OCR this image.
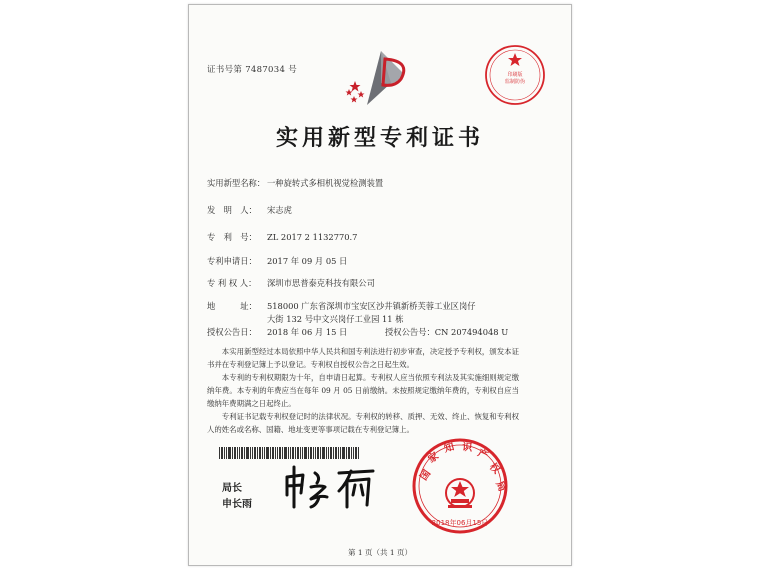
证书号第 7487034 号	印刷版
监制防伪
实用新型专利证书
实用新型名称： 一种旋转式多相机视觉检测装置
发　明　人： 宋志虎
专　利　号： ZL 2017 2 1132770.7
专利申请日： 2017 年 09 月 05 日
专 利 权 人： 深圳市思普泰克科技有限公司
地　　　址： 518000 广东省深圳市宝安区沙井镇新桥芙蓉工业区岗仔
大街 132 号中文兴岗仔工业园 11 栋
授权公告日： 2018 年 06 月 15 日	授权公告号：CN 207494048 U
本实用新型经过本局依照中华人民共和国专利法进行初步审查，决定授予专利权，颁发本证书并在专利登记簿上予以登记。专利权自授权公告之日起生效。
本专利的专利权期限为十年，自申请日起算。专利权人应当依照专利法及其实施细则规定缴纳年费。本专利的年费应当在每年 09 月 05 日前缴纳。未按照规定缴纳年费的，专利权自应当缴纳年费期满之日起终止。
专利证书记载专利权登记时的法律状况。专利权的转移、质押、无效、终止、恢复和专利权人的姓名或名称、国籍、地址变更等事项记载在专利登记簿上。
局长
申长雨
国
家
知 识 产
权
局
2018年06月15日
第 1 页（共 1 页）
